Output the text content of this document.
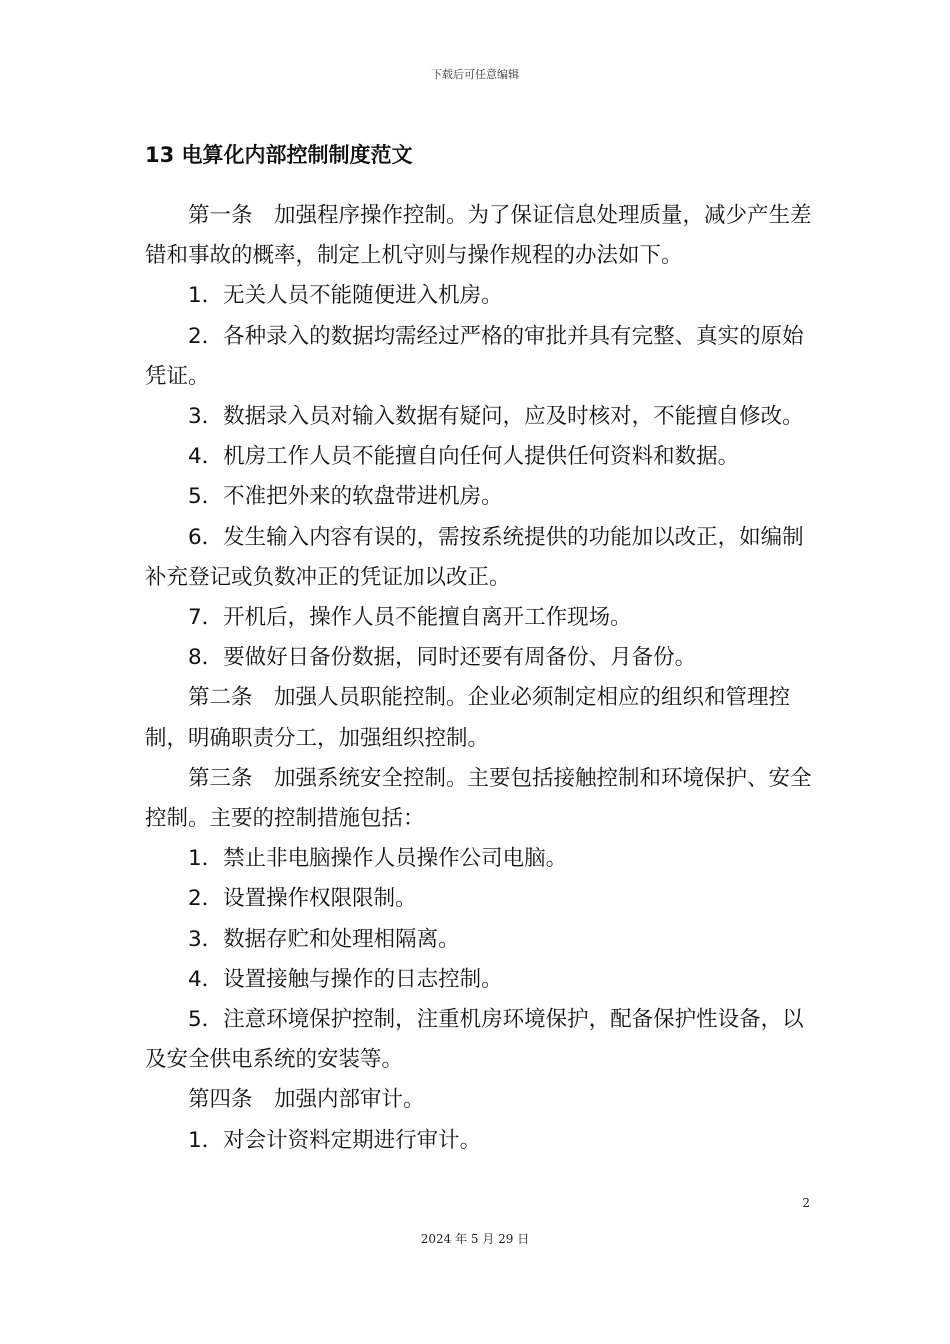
下载后可任意编辑
13 电算化内部控制制度范文

第一条　加强程序操作控制。为了保证信息处理质量，减少产生差错和事故的概率，制定上机守则与操作规程的办法如下。

1．无关人员不能随便进入机房。

2．各种录入的数据均需经过严格的审批并具有完整、真实的原始凭证。

3．数据录入员对输入数据有疑问，应及时核对，不能擅自修改。

4．机房工作人员不能擅自向任何人提供任何资料和数据。

5．不准把外来的软盘带进机房。

6．发生输入内容有误的，需按系统提供的功能加以改正，如编制补充登记或负数冲正的凭证加以改正。

7．开机后，操作人员不能擅自离开工作现场。

8．要做好日备份数据，同时还要有周备份、月备份。

第二条　加强人员职能控制。企业必须制定相应的组织和管理控制，明确职责分工，加强组织控制。

第三条　加强系统安全控制。主要包括接触控制和环境保护、安全控制。主要的控制措施包括：

1．禁止非电脑操作人员操作公司电脑。

2．设置操作权限限制。

3．数据存贮和处理相隔离。

4．设置接触与操作的日志控制。

5．注意环境保护控制，注重机房环境保护，配备保护性设备，以及安全供电系统的安装等。

第四条　加强内部审计。

1．对会计资料定期进行审计。

2
2024 年 5 月 29 日
